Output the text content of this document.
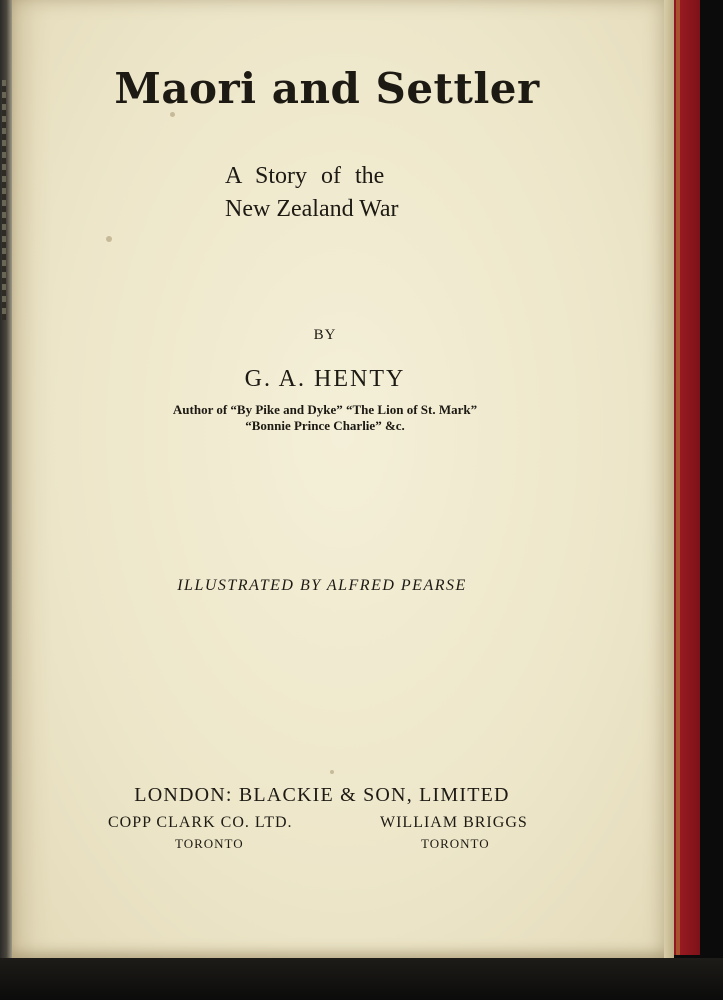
Maori and Settler
A Story of the
New Zealand War
BY
G. A. HENTY
Author of “By Pike and Dyke” “The Lion of St. Mark”
“Bonnie Prince Charlie” &c.
ILLUSTRATED BY ALFRED PEARSE
LONDON: BLACKIE & SON, LIMITED
COPP CLARK CO. LTD.
TORONTO
WILLIAM BRIGGS
TORONTO
